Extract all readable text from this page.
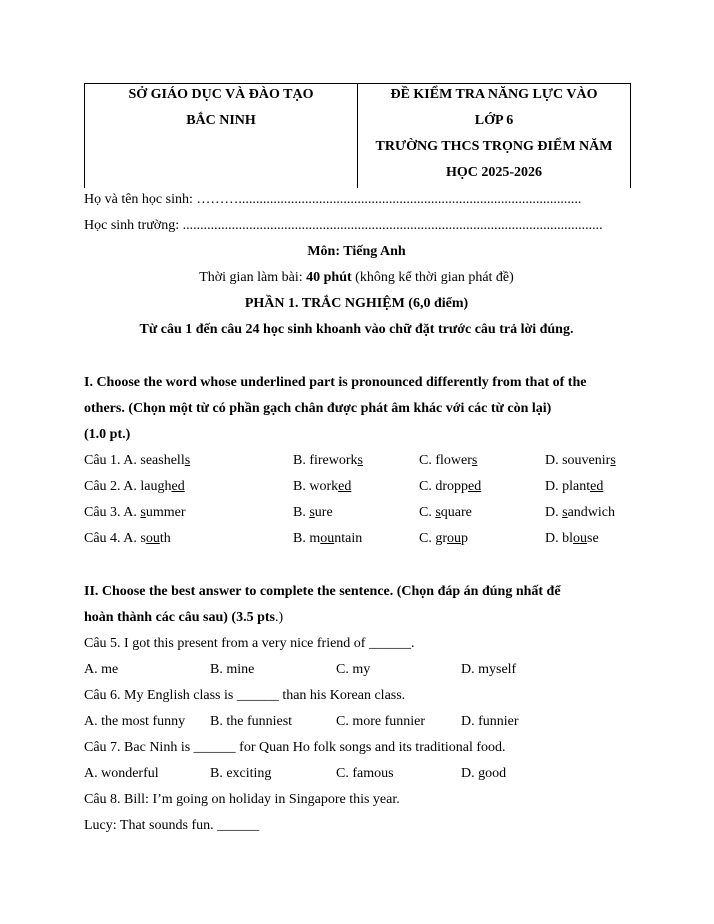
SỞ GIÁO DỤC VÀ ĐÀO TẠO
BẮC NINH
ĐỀ KIỂM TRA NĂNG LỰC VÀO
LỚP 6
TRƯỜNG THCS TRỌNG ĐIỂM NĂM
HỌC 2025-2026
Họ và tên học sinh: ………..................................................................................................
Học sinh trường: ........................................................................................................................
Môn: Tiếng Anh
Thời gian làm bài: 40 phút (không kể thời gian phát đề)
PHẦN 1. TRẮC NGHIỆM (6,0 điểm)
Từ câu 1 đến câu 24 học sinh khoanh vào chữ đặt trước câu trả lời đúng.
I. Choose the word whose underlined part is pronounced differently from that of the
others. (Chọn một từ có phần gạch chân được phát âm khác với các từ còn lại)
(1.0 pt.)
Câu 1. A. seashells	B. fireworks	C. flowers	D. souvenirs
Câu 2. A. laughed	B. worked	C. dropped	D. planted
Câu 3. A. summer	B. sure	C. square	D. sandwich
Câu 4. A. south	B. mountain	C. group	D. blouse
II. Choose the best answer to complete the sentence. (Chọn đáp án đúng nhất để
hoàn thành các câu sau) (3.5 pts.)
Câu 5. I got this present from a very nice friend of ______.
A. me	B. mine	C. my	D. myself
Câu 6. My English class is ______ than his Korean class.
A. the most funny B. the funniest	C. more funnier	D. funnier
Câu 7. Bac Ninh is ______ for Quan Ho folk songs and its traditional food.
A. wonderful	B. exciting	C. famous	D. good
Câu 8. Bill: I’m going on holiday in Singapore this year.
Lucy: That sounds fun. ______
